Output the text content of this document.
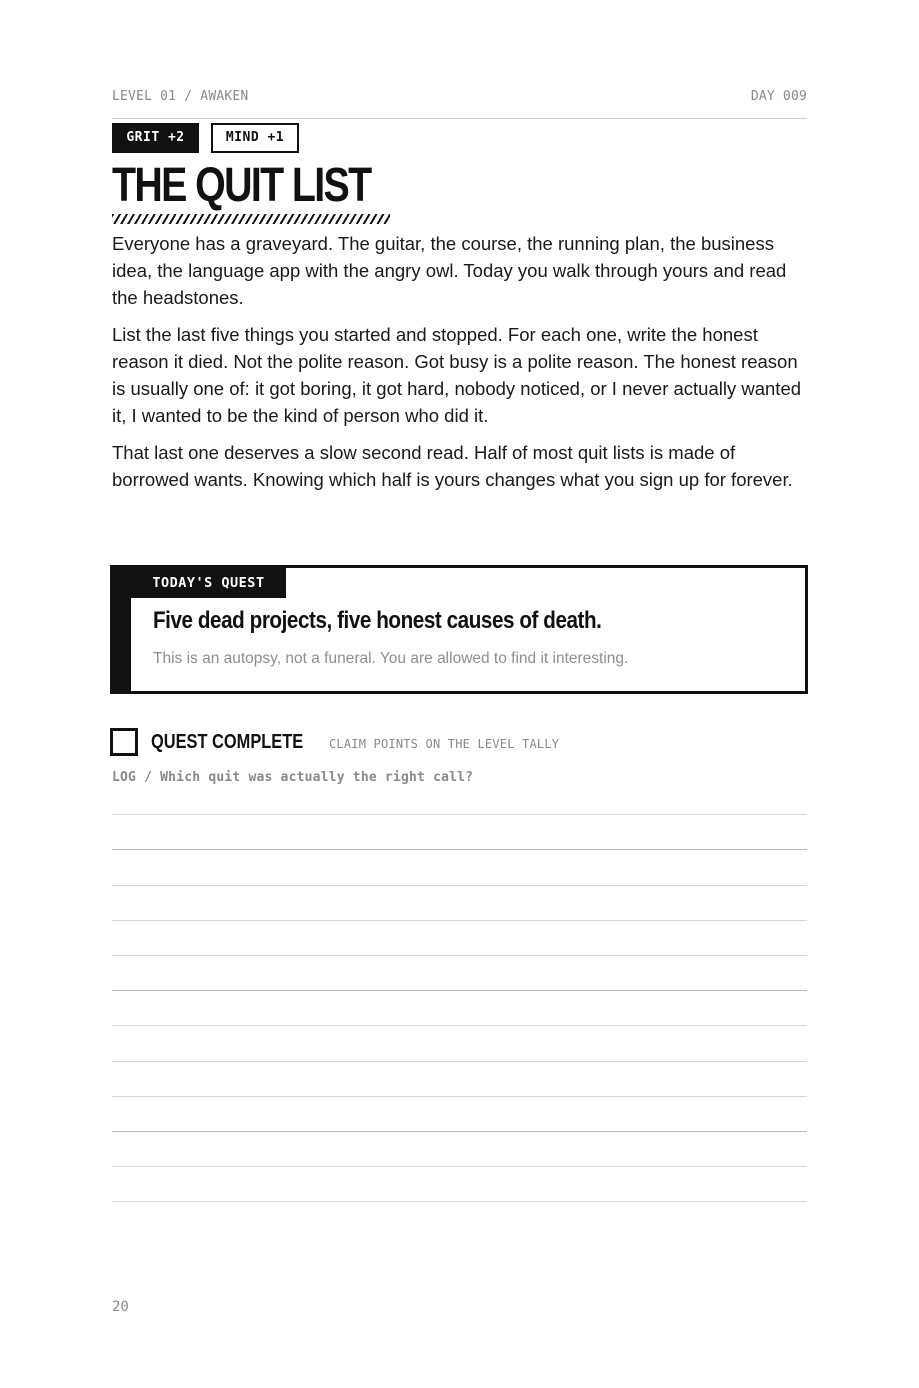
LEVEL 01 / AWAKEN	DAY 009
GRIT +2	MIND +1
THE QUIT LIST

Everyone has a graveyard. The guitar, the course, the running plan, the business idea, the language app with the angry owl. Today you walk through yours and read the headstones.

List the last five things you started and stopped. For each one, write the honest reason it died. Not the polite reason. Got busy is a polite reason. The honest reason is usually one of: it got boring, it got hard, nobody noticed, or I never actually wanted it, I wanted to be the kind of person who did it.

That last one deserves a slow second read. Half of most quit lists is made of borrowed wants. Knowing which half is yours changes what you sign up for forever.

TODAY'S QUEST
Five dead projects, five honest causes of death.
This is an autopsy, not a funeral. You are allowed to find it interesting.
QUEST COMPLETE CLAIM POINTS ON THE LEVEL TALLY
LOG / Which quit was actually the right call?
20
